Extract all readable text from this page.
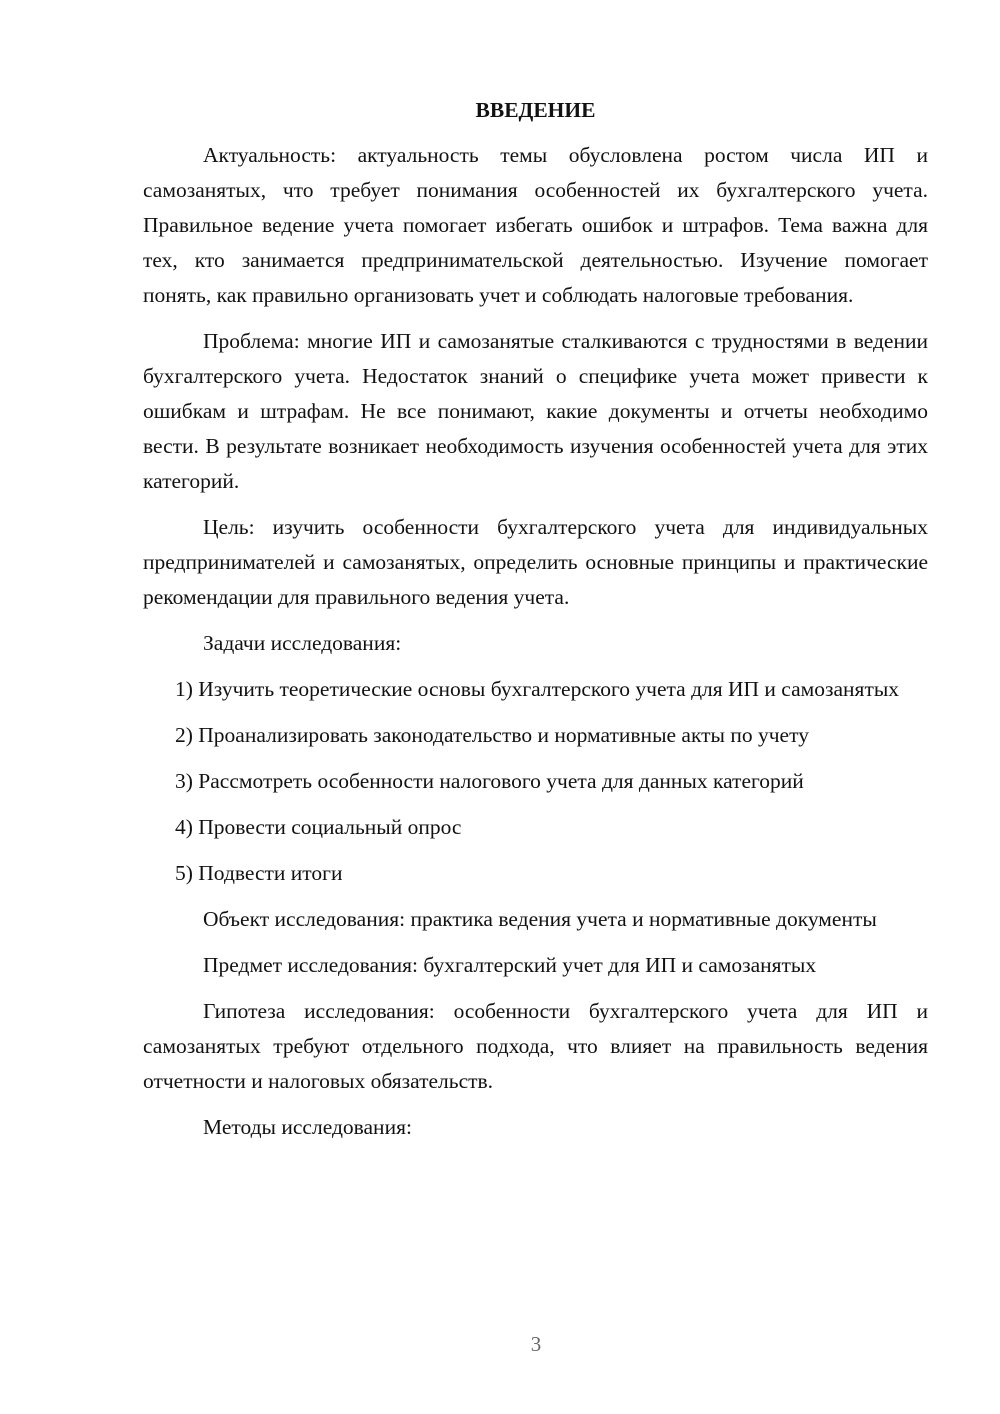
ВВЕДЕНИЕ

Актуальность: актуальность темы обусловлена ростом числа ИП и самозанятых, что требует понимания особенностей их бухгалтерского учета. Правильное ведение учета помогает избегать ошибок и штрафов. Тема важна для тех, кто занимается предпринимательской деятельностью. Изучение помогает понять, как правильно организовать учет и соблюдать налоговые требования.

Проблема: многие ИП и самозанятые сталкиваются с трудностями в ведении бухгалтерского учета. Недостаток знаний о специфике учета может привести к ошибкам и штрафам. Не все понимают, какие документы и отчеты необходимо вести. В результате возникает необходимость изучения особенностей учета для этих категорий.

Цель: изучить особенности бухгалтерского учета для индивидуальных предпринимателей и самозанятых, определить основные принципы и практические рекомендации для правильного ведения учета.

Задачи исследования:

1) Изучить теоретические основы бухгалтерского учета для ИП и самозанятых

2) Проанализировать законодательство и нормативные акты по учету

3) Рассмотреть особенности налогового учета для данных категорий

4) Провести социальный опрос

5) Подвести итоги

Объект исследования: практика ведения учета и нормативные документы

Предмет исследования: бухгалтерский учет для ИП и самозанятых

Гипотеза исследования: особенности бухгалтерского учета для ИП и самозанятых требуют отдельного подхода, что влияет на правильность ведения отчетности и налоговых обязательств.

Методы исследования:

3
